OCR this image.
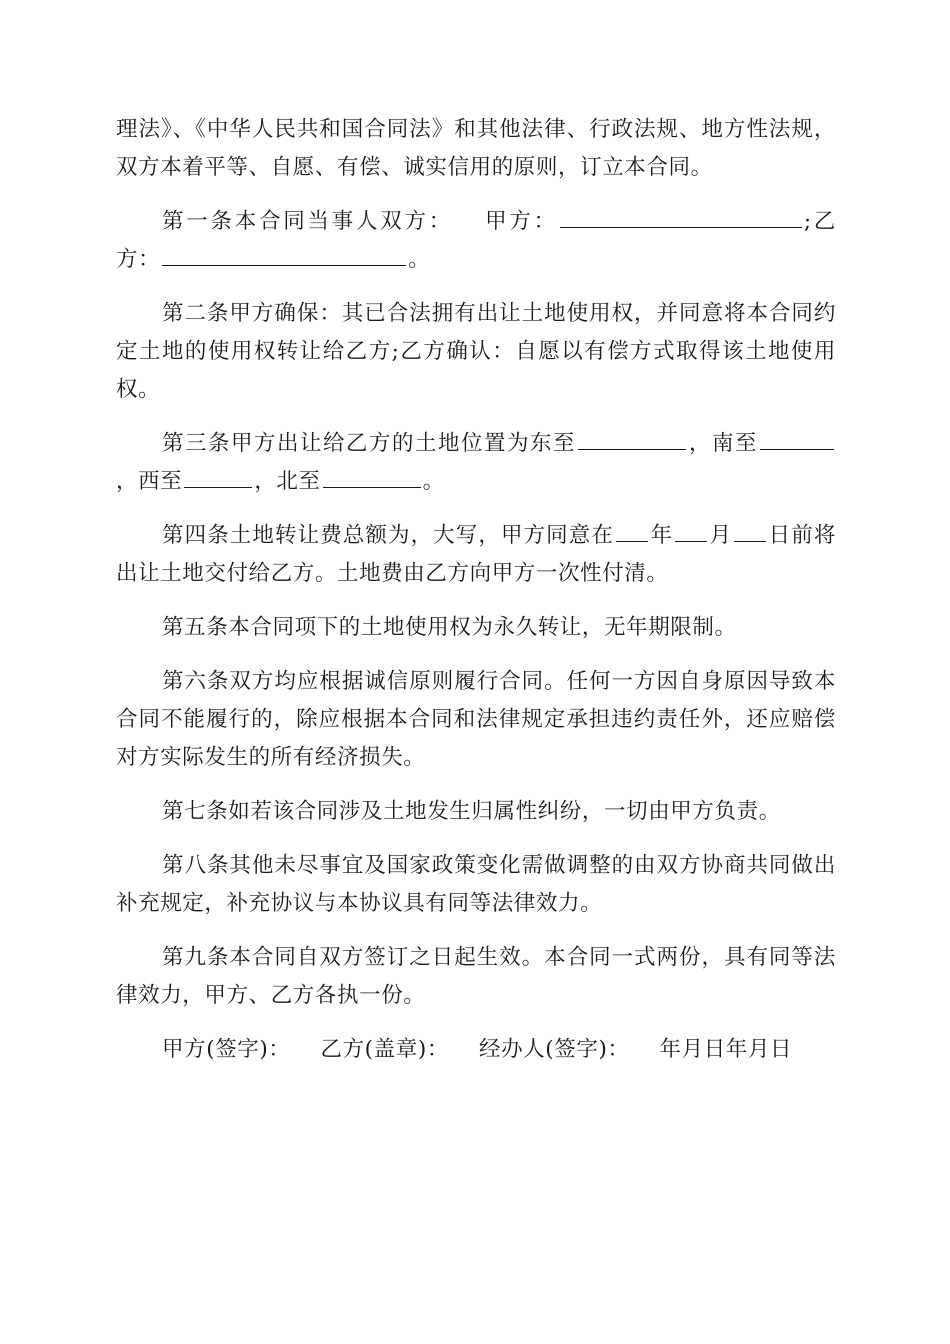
理法》、《中华人民共和国合同法》和其他法律、行政法规、地方性法规，双方本着平等、自愿、有偿、诚实信用的原则，订立本合同。

第一条本合同当事人双方： 甲方：	;乙方：	。

第二条甲方确保：其已合法拥有出让土地使用权，并同意将本合同约定土地的使用权转让给乙方;乙方确认：自愿以有偿方式取得该土地使用权。

第三条甲方出让给乙方的土地位置为东至	，南至，西至	，北至	。

第四条土地转让费总额为，大写，甲方同意在 年 月 日前将出让土地交付给乙方。土地费由乙方向甲方一次性付清。

第五条本合同项下的土地使用权为永久转让，无年期限制。

第六条双方均应根据诚信原则履行合同。任何一方因自身原因导致本合同不能履行的，除应根据本合同和法律规定承担违约责任外，还应赔偿对方实际发生的所有经济损失。

第七条如若该合同涉及土地发生归属性纠纷，一切由甲方负责。

第八条其他未尽事宜及国家政策变化需做调整的由双方协商共同做出补充规定，补充协议与本协议具有同等法律效力。

第九条本合同自双方签订之日起生效。本合同一式两份，具有同等法律效力，甲方、乙方各执一份。

甲方(签字)： 乙方(盖章)： 经办人(签字)： 年月日年月日
